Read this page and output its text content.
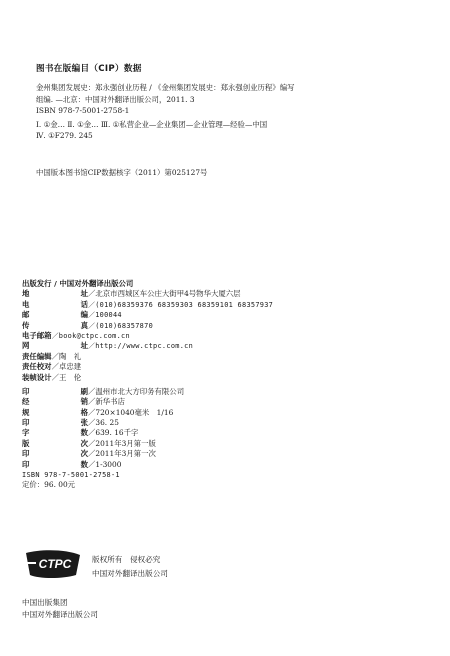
图书在版编目（CIP）数据
金州集团发展史：郑永强创业历程 / 《金州集团发展史：郑永强创业历程》编写
组编. —北京：中国对外翻译出版公司，2011. 3
ISBN 978-7-5001-2758-1
Ⅰ. ①金… Ⅱ. ①金… Ⅲ. ①私营企业—企业集团—企业管理—经验—中国
Ⅳ. ①F279. 245
中国版本图书馆CIP数据核字（2011）第025127号
出版发行 / 中国对外翻译出版公司
地	址 ／北京市西城区车公庄大街甲4号物华大厦六层
电	话 ／(010)68359376 68359303 68359101 68357937
邮	编 ／100044
传	真 ／(010)68357870
电子邮箱 ／book@ctpc.com.cn
网	址 ／http://www.ctpc.com.cn
责任编辑 ／陶　礼
责任校对 ／卓忠建
装帧设计 ／王　伦
印	刷 ／温州市北大方印务有限公司
经	销 ／新华书店
规	格 ／720×1040毫米　1/16
印	张 ／36. 25
字	数 ／639. 16千字
版	次 ／2011年3月第一版
印	次 ／2011年3月第一次
印	数 ／1-3000
ISBN 978-7-5001-2758-1
定价：96. 00元
CTPC	版权所有　侵权必究
中国对外翻译出版公司
中国出版集团
中国对外翻译出版公司
